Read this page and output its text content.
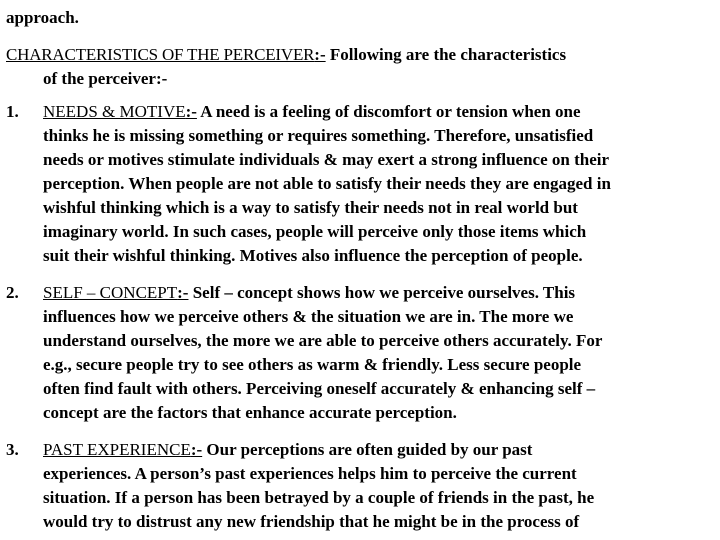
approach.
CHARACTERISTICS OF THE PERCEIVER:- Following are the characteristics
of the perceiver:-
1.	NEEDS & MOTIVE:- A need is a feeling of discomfort or tension when one
thinks he is missing something or requires something. Therefore, unsatisfied
needs or motives stimulate individuals & may exert a strong influence on their
perception. When people are not able to satisfy their needs they are engaged in
wishful thinking which is a way to satisfy their needs not in real world but
imaginary world. In such cases, people will perceive only those items which
suit their wishful thinking. Motives also influence the perception of people.
2.	SELF – CONCEPT:- Self – concept shows how we perceive ourselves. This
influences how we perceive others & the situation we are in. The more we
understand ourselves, the more we are able to perceive others accurately. For
e.g., secure people try to see others as warm & friendly. Less secure people
often find fault with others. Perceiving oneself accurately & enhancing self –
concept are the factors that enhance accurate perception.
3.	PAST EXPERIENCE:- Our perceptions are often guided by our past
experiences. A person’s past experiences helps him to perceive the current
situation. If a person has been betrayed by a couple of friends in the past, he
would try to distrust any new friendship that he might be in the process of
